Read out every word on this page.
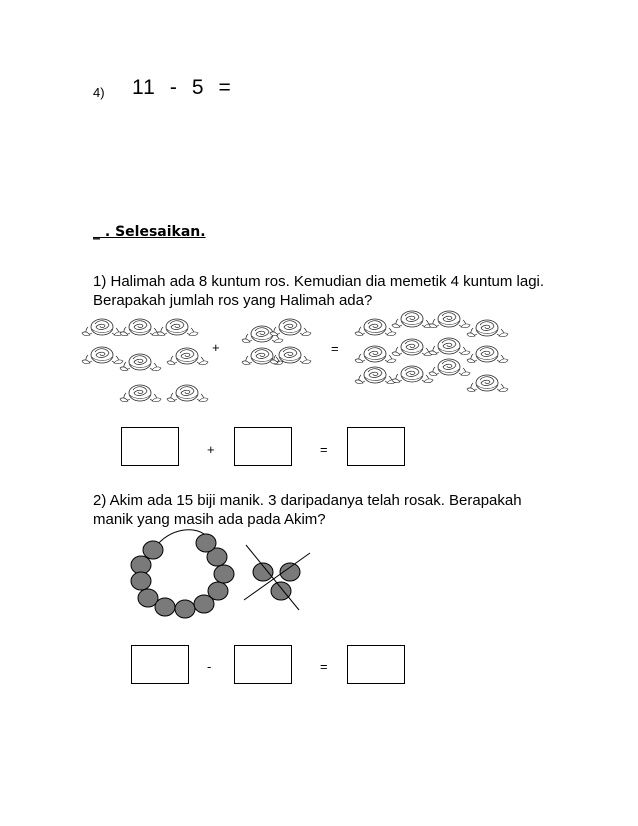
4) 11 - 5 =
_ . Selesaikan.
1) Halimah ada 8 kuntum ros. Kemudian dia memetik 4 kuntum lagi.
Berapakah jumlah ros yang Halimah ada?
+	=
+	=
2) Akim ada 15 biji manik. 3 daripadanya telah rosak. Berapakah
manik yang masih ada pada Akim?
-	=
